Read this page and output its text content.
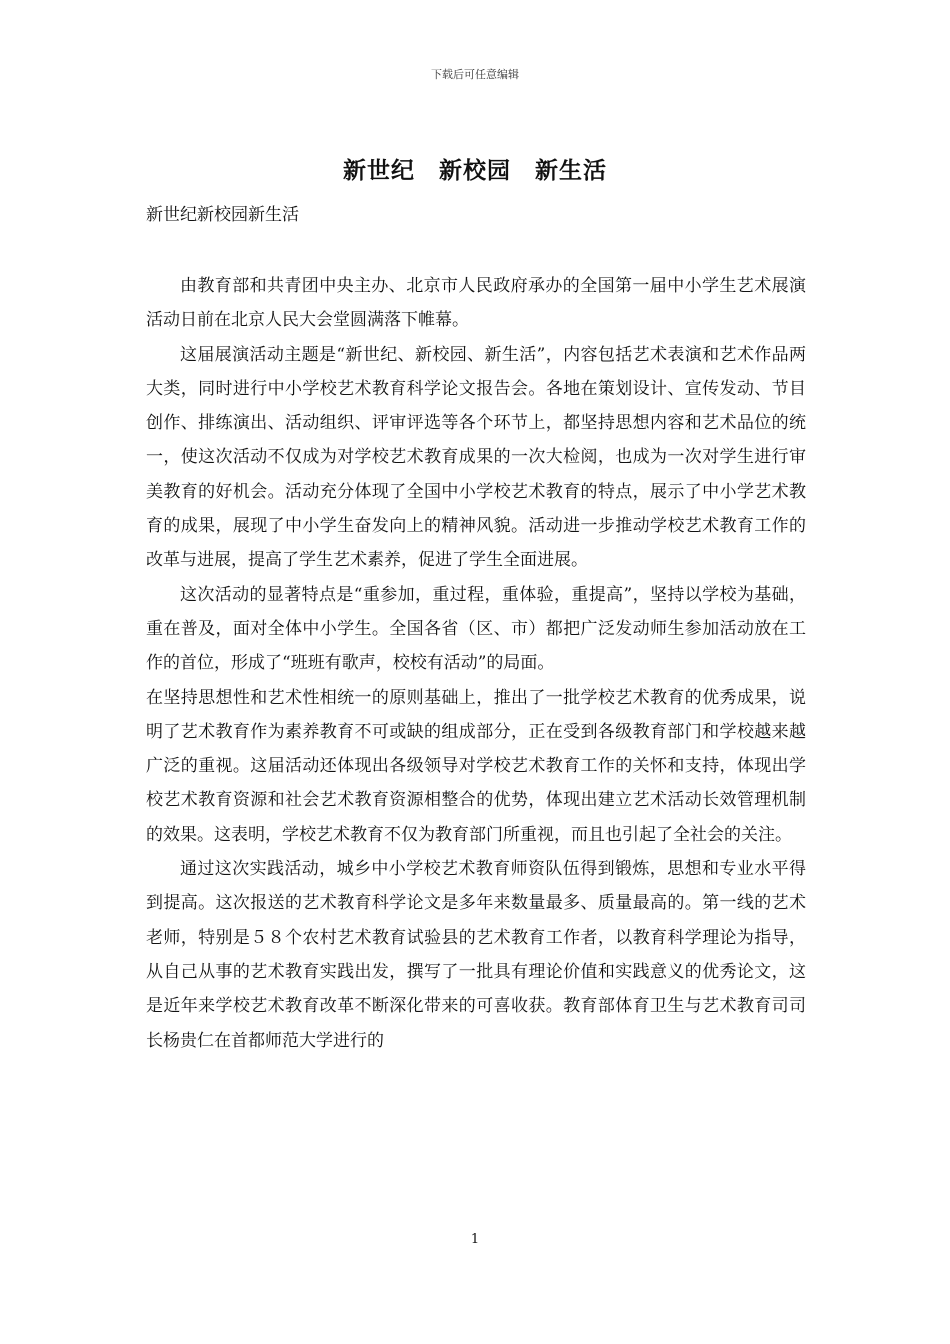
下载后可任意编辑
新世纪　新校园　新生活
新世纪新校园新生活

由教育部和共青团中央主办、北京市人民政府承办的全国第一届中小学生艺术展演活动日前在北京人民大会堂圆满落下帷幕。

这届展演活动主题是“新世纪、新校园、新生活”，内容包括艺术表演和艺术作品两大类，同时进行中小学校艺术教育科学论文报告会。各地在策划设计、宣传发动、节目创作、排练演出、活动组织、评审评选等各个环节上，都坚持思想内容和艺术品位的统一，使这次活动不仅成为对学校艺术教育成果的一次大检阅，也成为一次对学生进行审美教育的好机会。活动充分体现了全国中小学校艺术教育的特点，展示了中小学艺术教育的成果，展现了中小学生奋发向上的精神风貌。活动进一步推动学校艺术教育工作的改革与进展，提高了学生艺术素养，促进了学生全面进展。

这次活动的显著特点是“重参加，重过程，重体验，重提高”，坚持以学校为基础，重在普及，面对全体中小学生。全国各省（区、市）都把广泛发动师生参加活动放在工作的首位，形成了“班班有歌声，校校有活动”的局面。

在坚持思想性和艺术性相统一的原则基础上，推出了一批学校艺术教育的优秀成果，说明了艺术教育作为素养教育不可或缺的组成部分，正在受到各级教育部门和学校越来越广泛的重视。这届活动还体现出各级领导对学校艺术教育工作的关怀和支持，体现出学校艺术教育资源和社会艺术教育资源相整合的优势，体现出建立艺术活动长效管理机制的效果。这表明，学校艺术教育不仅为教育部门所重视，而且也引起了全社会的关注。

通过这次实践活动，城乡中小学校艺术教育师资队伍得到锻炼，思想和专业水平得到提高。这次报送的艺术教育科学论文是多年来数量最多、质量最高的。第一线的艺术老师，特别是５８个农村艺术教育试验县的艺术教育工作者，以教育科学理论为指导，从自己从事的艺术教育实践出发，撰写了一批具有理论价值和实践意义的优秀论文，这是近年来学校艺术教育改革不断深化带来的可喜收获。教育部体育卫生与艺术教育司司长杨贵仁在首都师范大学进行的

1
